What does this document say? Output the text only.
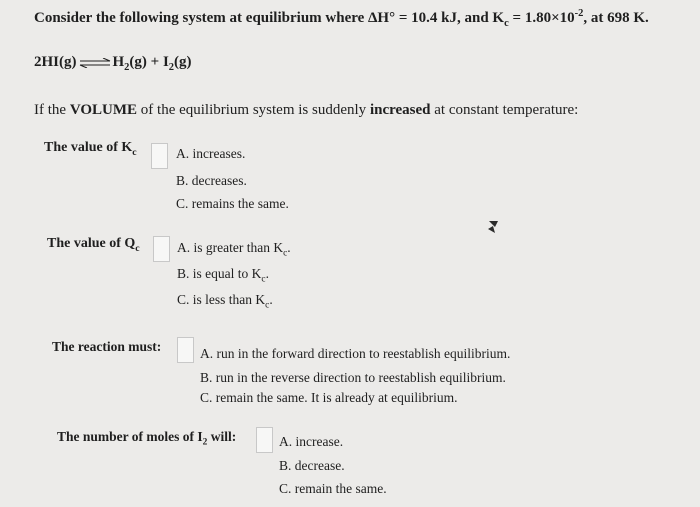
Consider the following system at equilibrium where ΔH° = 10.4 kJ, and $K_c = 1.80\times 10^{-2}$, at 698 K.
2HI(g) ⇌ $H_2(g) + I_2(g)$
If the VOLUME of the equilibrium system is suddenly increased at constant temperature:
The value of $K_c$	A. increases.
B. decreases.
C. remains the same.
The value of $Q_c$	A. is greater than $K_c$.
B. is equal to $K_c$.
C. is less than $K_c$.
The reaction must:	A. run in the forward direction to reestablish equilibrium.
B. run in the reverse direction to reestablish equilibrium.
C. remain the same. It is already at equilibrium.
The number of moles of $I_2$ will:	A. increase.
B. decrease.
C. remain the same.
